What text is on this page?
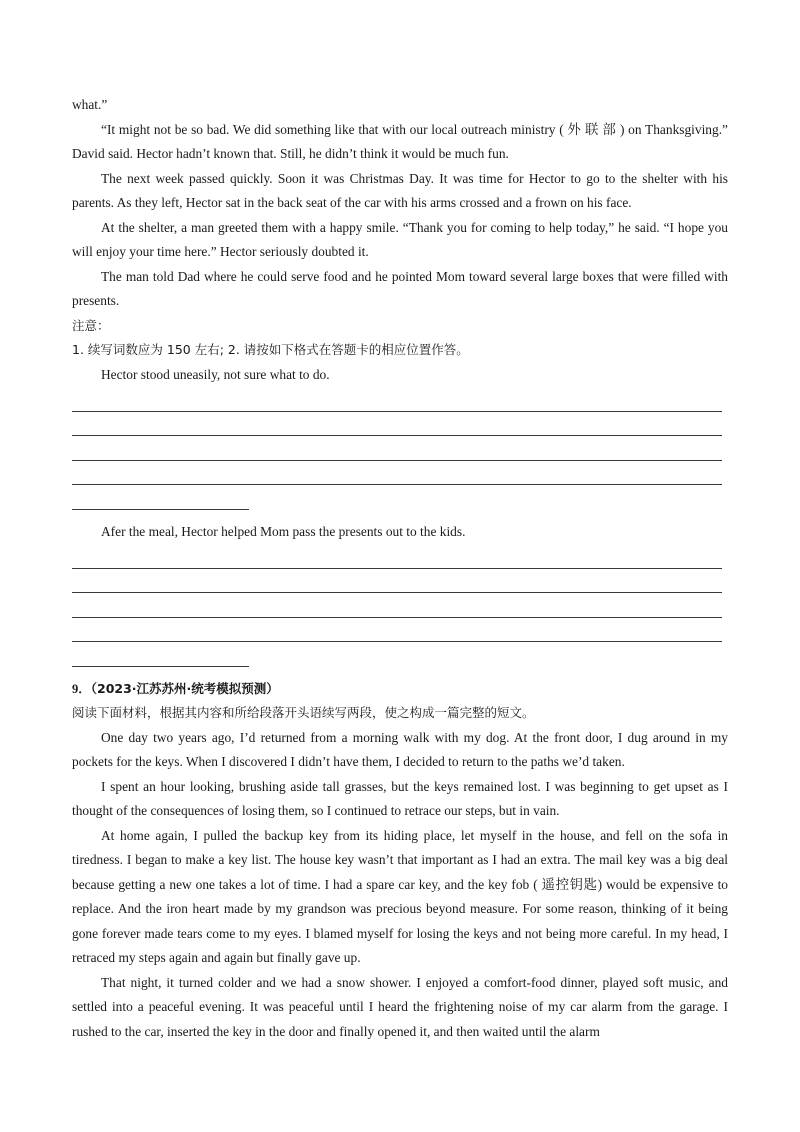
what.”

“It might not be so bad. We did something like that with our local outreach ministry ( 外 联 部 ) on Thanksgiving.” David said. Hector hadn’t known that. Still, he didn’t think it would be much fun.

The next week passed quickly. Soon it was Christmas Day. It was time for Hector to go to the shelter with his parents. As they left, Hector sat in the back seat of the car with his arms crossed and a frown on his face.

At the shelter, a man greeted them with a happy smile. “Thank you for coming to help today,” he said. “I hope you will enjoy your time here.” Hector seriously doubted it.

The man told Dad where he could serve food and he pointed Mom toward several large boxes that were filled with presents.

注意：

1. 续写词数应为 150 左右; 2. 请按如下格式在答题卡的相应位置作答。

Hector stood uneasily, not sure what to do.

Afer the meal, Hector helped Mom pass the presents out to the kids.

9．（2023·江苏苏州·统考模拟预测）

阅读下面材料，根据其内容和所给段落开头语续写两段，使之构成一篇完整的短文。

One day two years ago, I’d returned from a morning walk with my dog. At the front door, I dug around in my pockets for the keys. When I discovered I didn’t have them, I decided to return to the paths we’d taken.

I spent an hour looking, brushing aside tall grasses, but the keys remained lost. I was beginning to get upset as I thought of the consequences of losing them, so I continued to retrace our steps, but in vain.

At home again, I pulled the backup key from its hiding place, let myself in the house, and fell on the sofa in tiredness. I began to make a key list. The house key wasn’t that important as I had an extra. The mail key was a big deal because getting a new one takes a lot of time. I had a spare car key, and the key fob ( 遥控钥匙) would be expensive to replace. And the iron heart made by my grandson was precious beyond measure. For some reason, thinking of it being gone forever made tears come to my eyes. I blamed myself for losing the keys and not being more careful. In my head, I retraced my steps again and again but finally gave up.

That night, it turned colder and we had a snow shower. I enjoyed a comfort-food dinner, played soft music, and settled into a peaceful evening. It was peaceful until I heard the frightening noise of my car alarm from the garage. I rushed to the car, inserted the key in the door and finally opened it, and then waited until the alarm
